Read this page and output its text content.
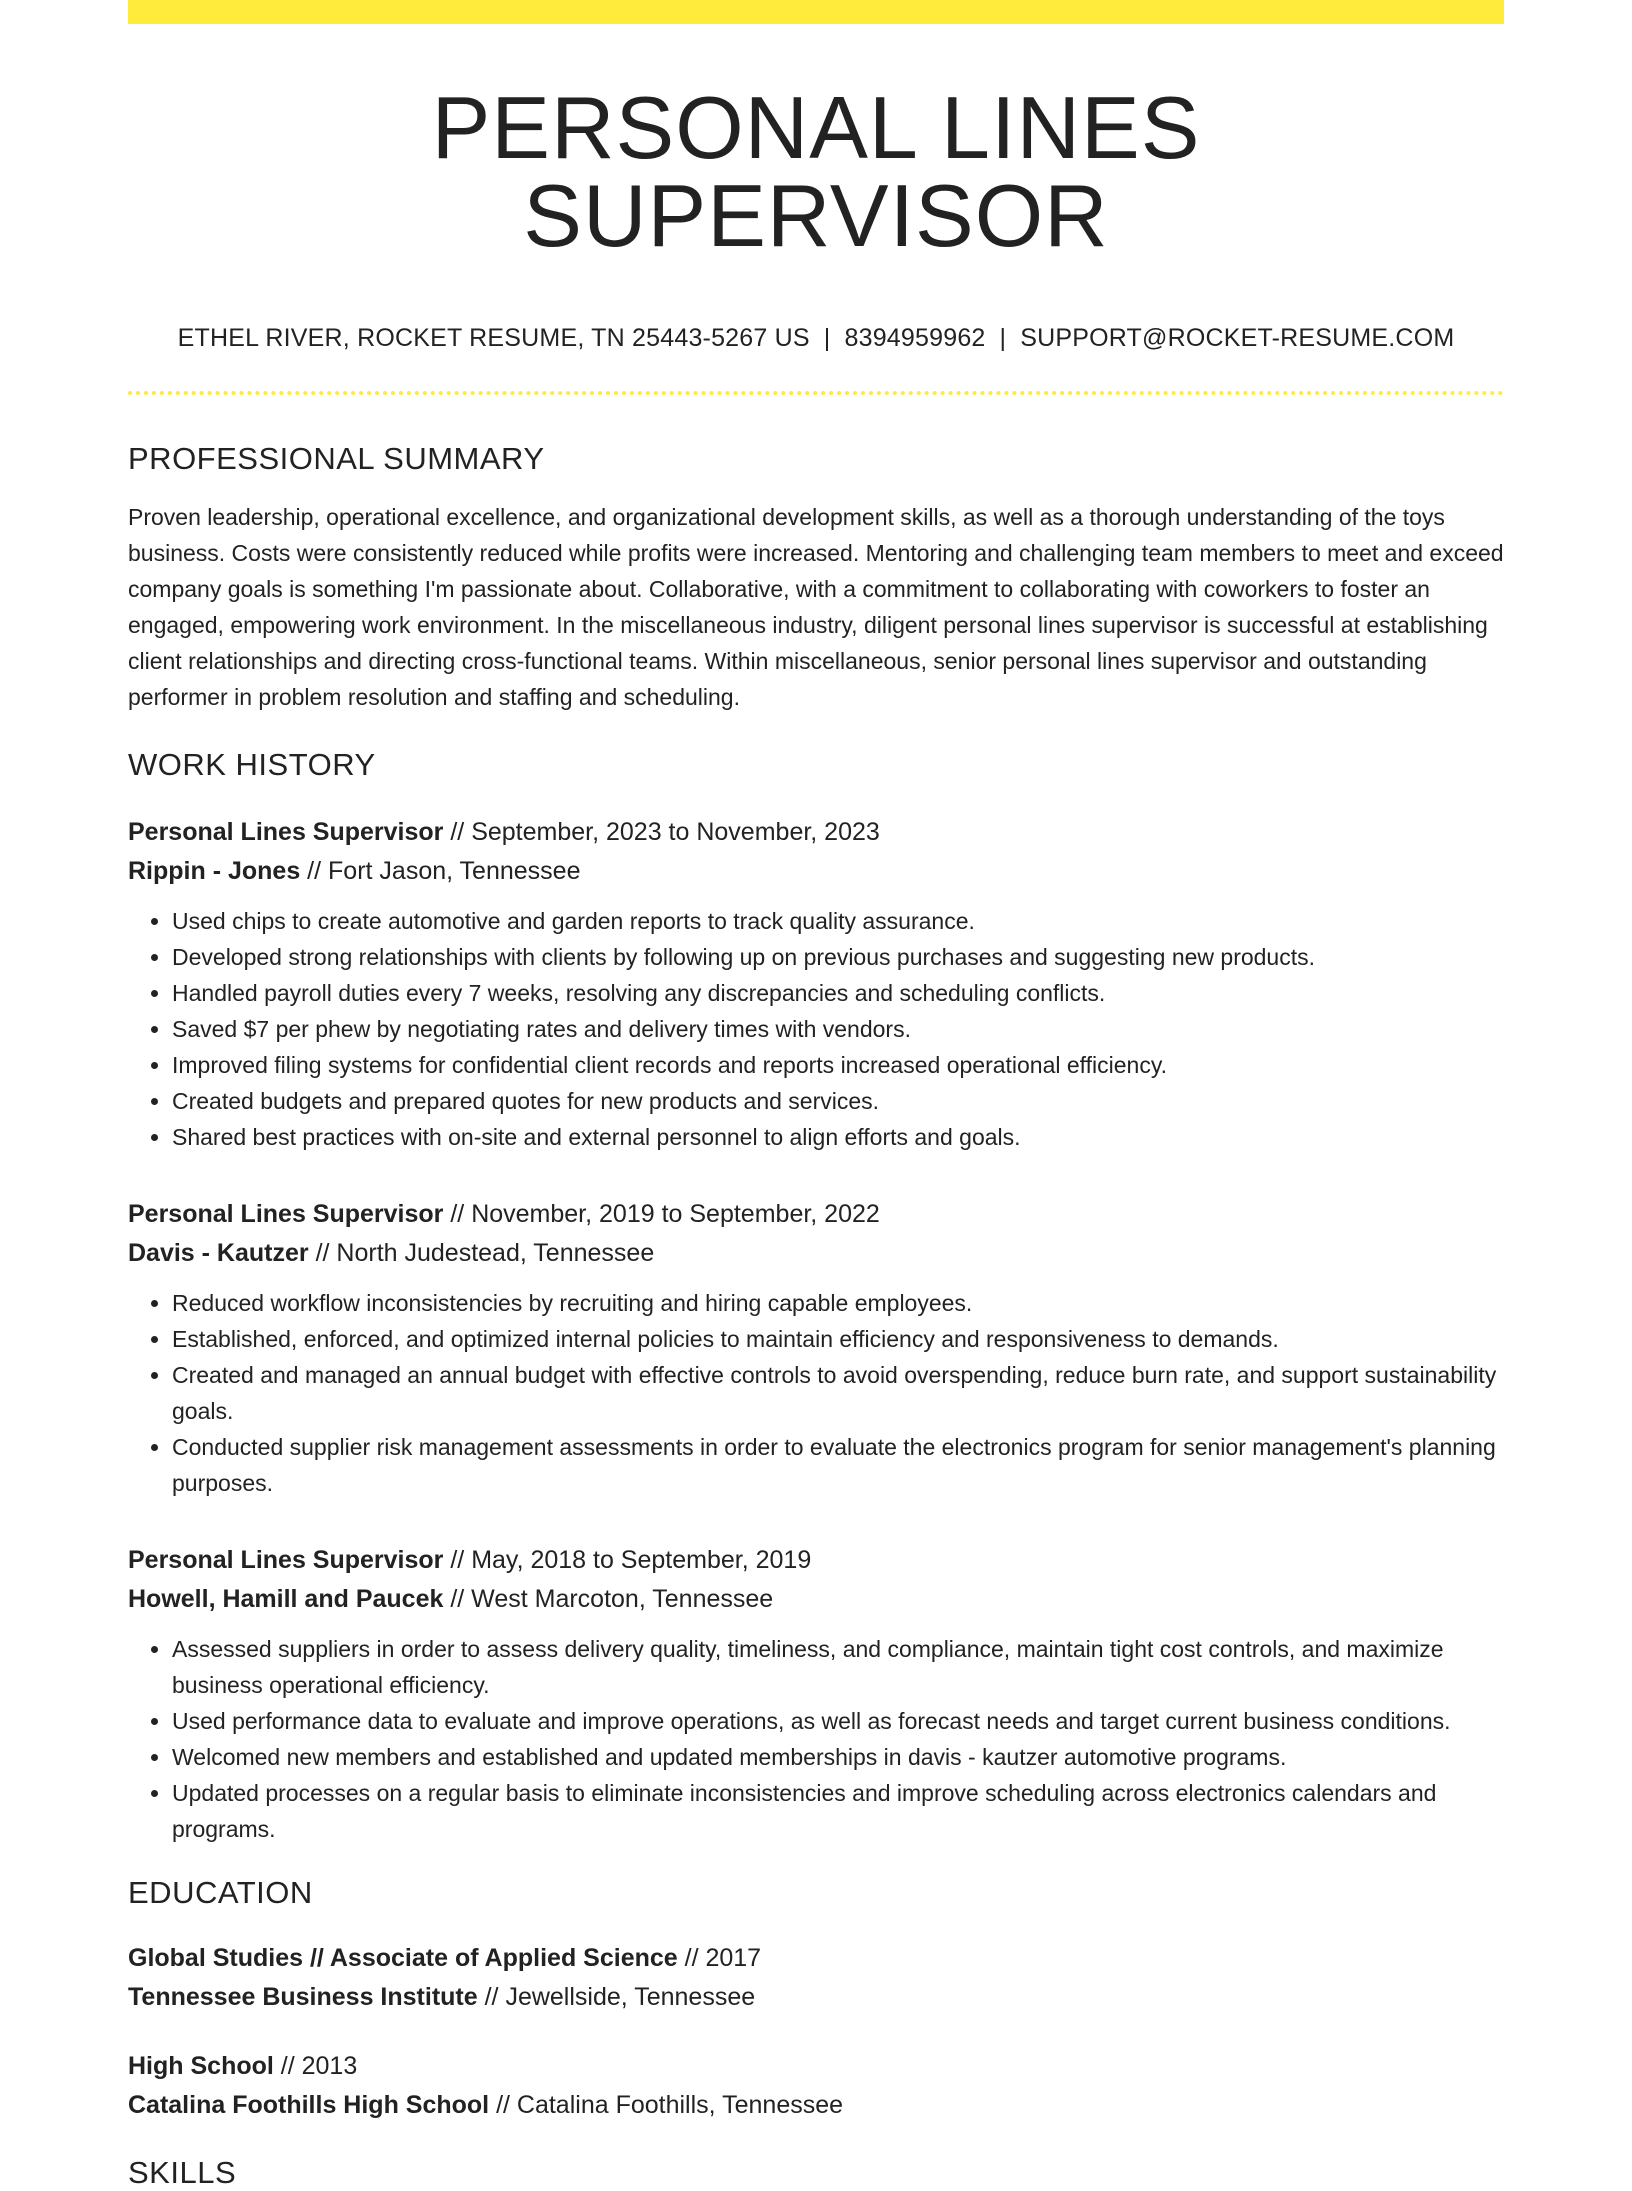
PERSONAL LINES SUPERVISOR
ETHEL RIVER, ROCKET RESUME, TN 25443-5267 US | 8394959962 | SUPPORT@ROCKET-RESUME.COM
PROFESSIONAL SUMMARY
Proven leadership, operational excellence, and organizational development skills, as well as a thorough understanding of the toys business. Costs were consistently reduced while profits were increased. Mentoring and challenging team members to meet and exceed company goals is something I'm passionate about. Collaborative, with a commitment to collaborating with coworkers to foster an engaged, empowering work environment. In the miscellaneous industry, diligent personal lines supervisor is successful at establishing client relationships and directing cross-functional teams. Within miscellaneous, senior personal lines supervisor and outstanding performer in problem resolution and staffing and scheduling.
WORK HISTORY
Personal Lines Supervisor // September, 2023 to November, 2023
Rippin - Jones // Fort Jason, Tennessee
• Used chips to create automotive and garden reports to track quality assurance.
• Developed strong relationships with clients by following up on previous purchases and suggesting new products.
• Handled payroll duties every 7 weeks, resolving any discrepancies and scheduling conflicts.
• Saved $7 per phew by negotiating rates and delivery times with vendors.
• Improved filing systems for confidential client records and reports increased operational efficiency.
• Created budgets and prepared quotes for new products and services.
• Shared best practices with on-site and external personnel to align efforts and goals.
Personal Lines Supervisor // November, 2019 to September, 2022
Davis - Kautzer // North Judestead, Tennessee
• Reduced workflow inconsistencies by recruiting and hiring capable employees.
• Established, enforced, and optimized internal policies to maintain efficiency and responsiveness to demands.
• Created and managed an annual budget with effective controls to avoid overspending, reduce burn rate, and support sustainability goals.
• Conducted supplier risk management assessments in order to evaluate the electronics program for senior management's planning purposes.
Personal Lines Supervisor // May, 2018 to September, 2019
Howell, Hamill and Paucek // West Marcoton, Tennessee
• Assessed suppliers in order to assess delivery quality, timeliness, and compliance, maintain tight cost controls, and maximize business operational efficiency.
• Used performance data to evaluate and improve operations, as well as forecast needs and target current business conditions.
• Welcomed new members and established and updated memberships in davis - kautzer automotive programs.
• Updated processes on a regular basis to eliminate inconsistencies and improve scheduling across electronics calendars and programs.
EDUCATION
Global Studies // Associate of Applied Science // 2017
Tennessee Business Institute // Jewellside, Tennessee
High School // 2013
Catalina Foothills High School // Catalina Foothills, Tennessee
SKILLS
